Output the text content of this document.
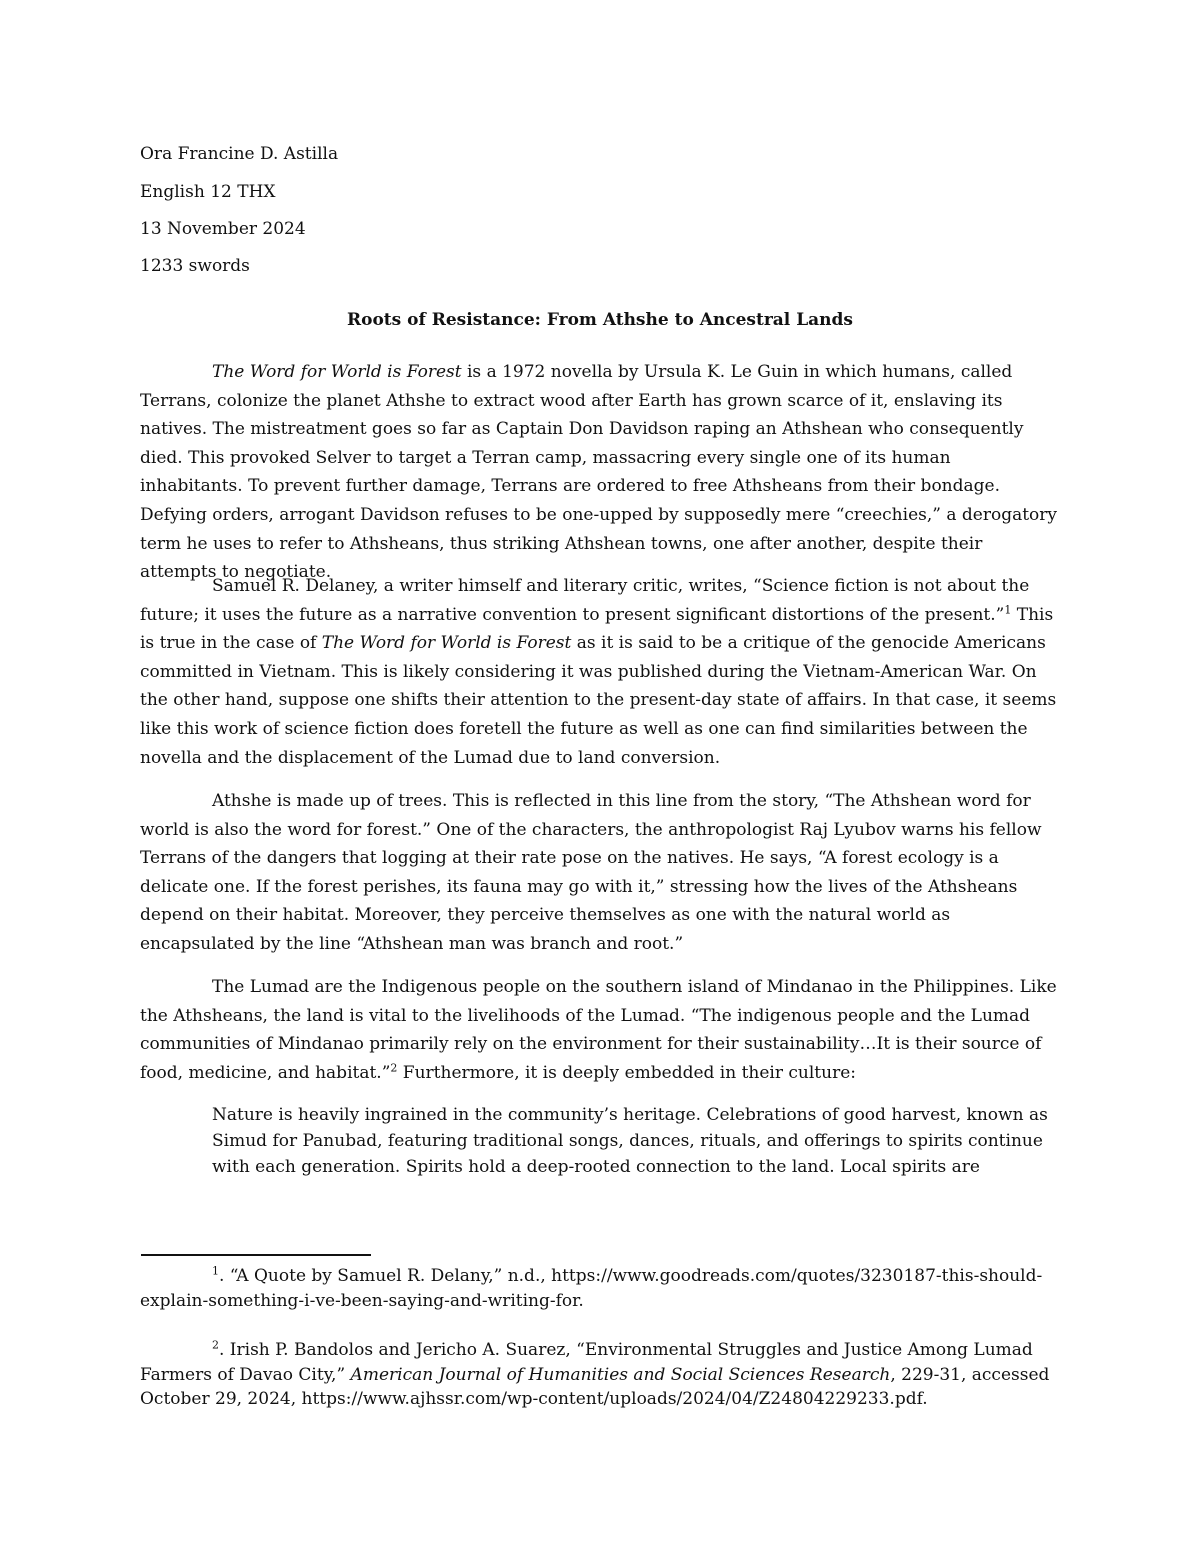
Ora Francine D. Astilla
English 12 THX
13 November 2024
1233 swords
Roots of Resistance: From Athshe to Ancestral Lands

The Word for World is Forest is a 1972 novella by Ursula K. Le Guin in which humans, called Terrans, colonize the planet Athshe to extract wood after Earth has grown scarce of it, enslaving its natives. The mistreatment goes so far as Captain Don Davidson raping an Athshean who consequently died. This provoked Selver to target a Terran camp, massacring every single one of its human inhabitants. To prevent further damage, Terrans are ordered to free Athsheans from their bondage. Defying orders, arrogant Davidson refuses to be one-upped by supposedly mere “creechies,” a derogatory term he uses to refer to Athsheans, thus striking Athshean towns, one after another, despite their attempts to negotiate.

Samuel R. Delaney, a writer himself and literary critic, writes, “Science fiction is not about the future; it uses the future as a narrative convention to present significant distortions of the present.”$^1$ This is true in the case of The Word for World is Forest as it is said to be a critique of the genocide Americans committed in Vietnam. This is likely considering it was published during the Vietnam-American War. On the other hand, suppose one shifts their attention to the present-day state of affairs. In that case, it seems like this work of science fiction does foretell the future as well as one can find similarities between the novella and the displacement of the Lumad due to land conversion.

Athshe is made up of trees. This is reflected in this line from the story, “The Athshean word for world is also the word for forest.” One of the characters, the anthropologist Raj Lyubov warns his fellow Terrans of the dangers that logging at their rate pose on the natives. He says, “A forest ecology is a delicate one. If the forest perishes, its fauna may go with it,” stressing how the lives of the Athsheans depend on their habitat. Moreover, they perceive themselves as one with the natural world as encapsulated by the line “Athshean man was branch and root.”

The Lumad are the Indigenous people on the southern island of Mindanao in the Philippines. Like the Athsheans, the land is vital to the livelihoods of the Lumad. “The indigenous people and the Lumad communities of Mindanao primarily rely on the environment for their sustainability…It is their source of food, medicine, and habitat.”$^2$ Furthermore, it is deeply embedded in their culture:

Nature is heavily ingrained in the community’s heritage. Celebrations of good harvest, known as Simud for Panubad, featuring traditional songs, dances, rituals, and offerings to spirits continue with each generation. Spirits hold a deep-rooted connection to the land. Local spirits are

$^1$. “A Quote by Samuel R. Delany,” n.d., https://www.goodreads.com/quotes/3230187-this-should-explain-something-i-ve-been-saying-and-writing-for.

$^2$. Irish P. Bandolos and Jericho A. Suarez, “Environmental Struggles and Justice Among Lumad Farmers of Davao City,” American Journal of Humanities and Social Sciences Research, 229-31, accessed October 29, 2024, https://www.ajhssr.com/wp-content/uploads/2024/04/Z24804229233.pdf.
